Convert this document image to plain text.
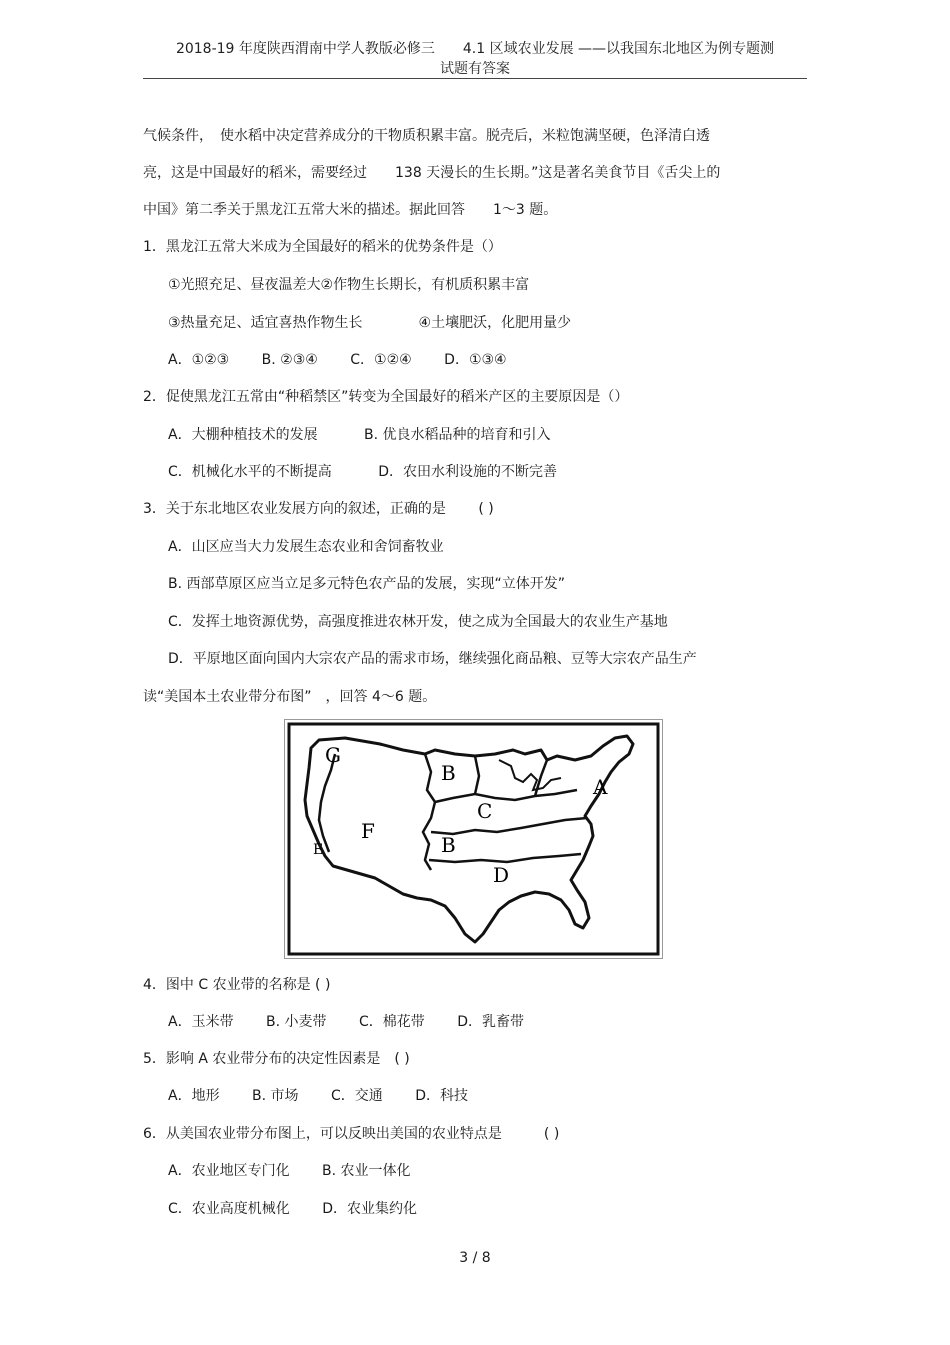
2018-19 年度陕西渭南中学人教版必修三　　4.1 区域农业发展 ——以我国东北地区为例专题测
试题有答案
气候条件，　使水稻中决定营养成分的干物质积累丰富。脱壳后，米粒饱满坚硬，色泽清白透
亮，这是中国最好的稻米，需要经过　　138 天漫长的生长期。”这是著名美食节目《舌尖上的
中国》第二季关于黑龙江五常大米的描述。据此回答　　1～3 题。
1．黑龙江五常大米成为全国最好的稻米的优势条件是（）
①光照充足、昼夜温差大②作物生长期长，有机质积累丰富
③热量充足、适宜喜热作物生长　　　　④土壤肥沃，化肥用量少
A．①②③　　 B. ②③④　　 C．①②④　　 D．①③④
2．促使黑龙江五常由“种稻禁区”转变为全国最好的稻米产区的主要原因是（）
A．大棚种植技术的发展　　　 B. 优良水稻品种的培育和引入
C．机械化水平的不断提高　　　 D．农田水利设施的不断完善
3．关于东北地区农业发展方向的叙述，正确的是　　 ( )
A．山区应当大力发展生态农业和舍饲畜牧业
B. 西部草原区应当立足多元特色农产品的发展，实现“立体开发”
C．发挥土地资源优势，高强度推进农林开发，使之成为全国最大的农业生产基地
D．平原地区面向国内大宗农产品的需求市场，继续强化商品粮、豆等大宗农产品生产
读“美国本土农业带分布图”　，回答 4～6 题。
G
B
A
C
F
B
E
D
4．图中 C 农业带的名称是 ( )
A．玉米带　　 B. 小麦带　　 C．棉花带　　 D．乳畜带
5．影响 A 农业带分布的决定性因素是　( )
A．地形　　 B. 市场　　 C．交通　　 D．科技
6．从美国农业带分布图上，可以反映出美国的农业特点是　　　( )
A．农业地区专门化　　 B. 农业一体化
C．农业高度机械化　　 D．农业集约化
3 / 8
